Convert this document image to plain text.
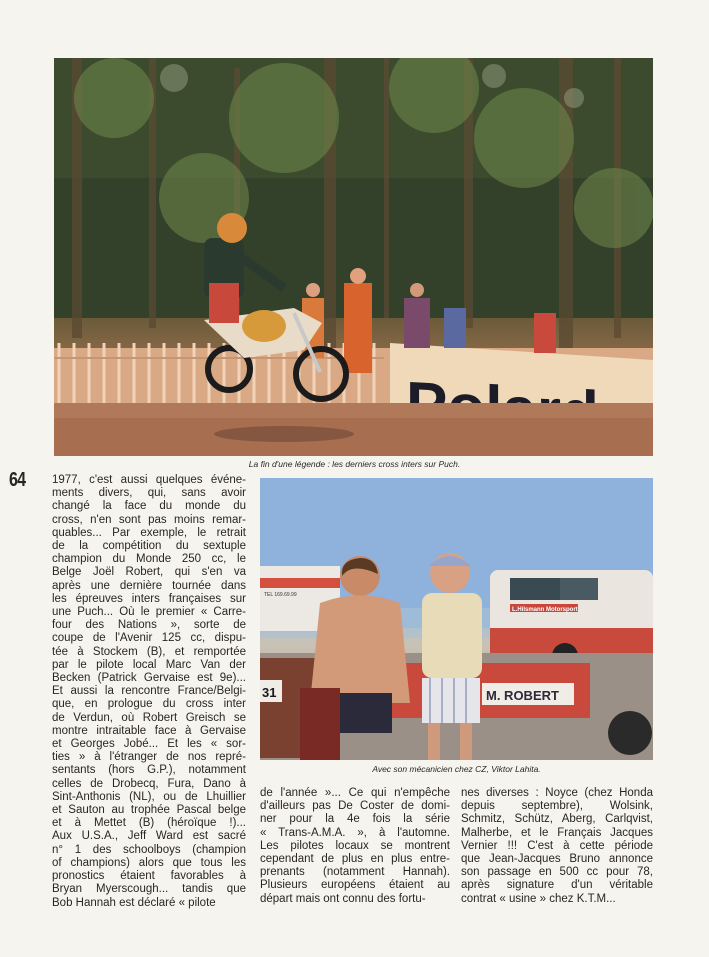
La fin d'une légende : les derniers cross inters sur Puch.
64 1977, c'est aussi quelques événe-
ments divers, qui, sans avoir
changé la face du monde du
cross, n'en sont pas moins remar-
quables... Par exemple, le retrait
de la compétition du sextuple
champion du Monde 250 cc, le
Belge Joël Robert, qui s'en va
après une dernière tournée dans
les épreuves inters françaises sur
une Puch... Où le premier « Carre-
four des Nations », sorte de
coupe de l'Avenir 125 cc, dispu-
tée à Stockem (B), et remportée
par le pilote local Marc Van der
Becken (Patrick Gervaise est 9e)...
Et aussi la rencontre France/Belgi-
que, en prologue du cross inter
de Verdun, où Robert Greisch se
montre intraitable face à Gervaise
et Georges Jobé... Et les « sor-
ties » à l'étranger de nos repré-
sentants (hors G.P.), notamment
celles de Drobecq, Fura, Dano à
Sint-Anthonis (NL), ou de Lhuillier
et Sauton au trophée Pascal belge
et à Mettet (B) (héroïque !)...
Aux U.S.A., Jeff Ward est sacré
n° 1 des schoolboys (champion
of champions) alors que tous les
pronostics étaient favorables à
Bryan Myerscough... tandis que
Bob Hannah est déclaré « pilote
TEL 169.69.99
L.Hilsmann Motorsport
M. ROBERT
31
Avec son mécanicien chez CZ, Viktor Lahita.
de l'année »... Ce qui n'empêche
d'ailleurs pas De Coster de domi-
ner pour la 4e fois la série
« Trans-A.M.A. », à l'automne.
Les pilotes locaux se montrent
cependant de plus en plus entre-
prenants (notamment Hannah).
Plusieurs européens étaient au
départ mais ont connu des fortu-
nes diverses : Noyce (chez Honda
depuis septembre), Wolsink,
Schmitz, Schütz, Aberg, Carlqvist,
Malherbe, et le Français Jacques
Vernier !!! C'est à cette période
que Jean-Jacques Bruno annonce
son passage en 500 cc pour 78,
après signature d'un véritable
contrat « usine » chez K.T.M...
